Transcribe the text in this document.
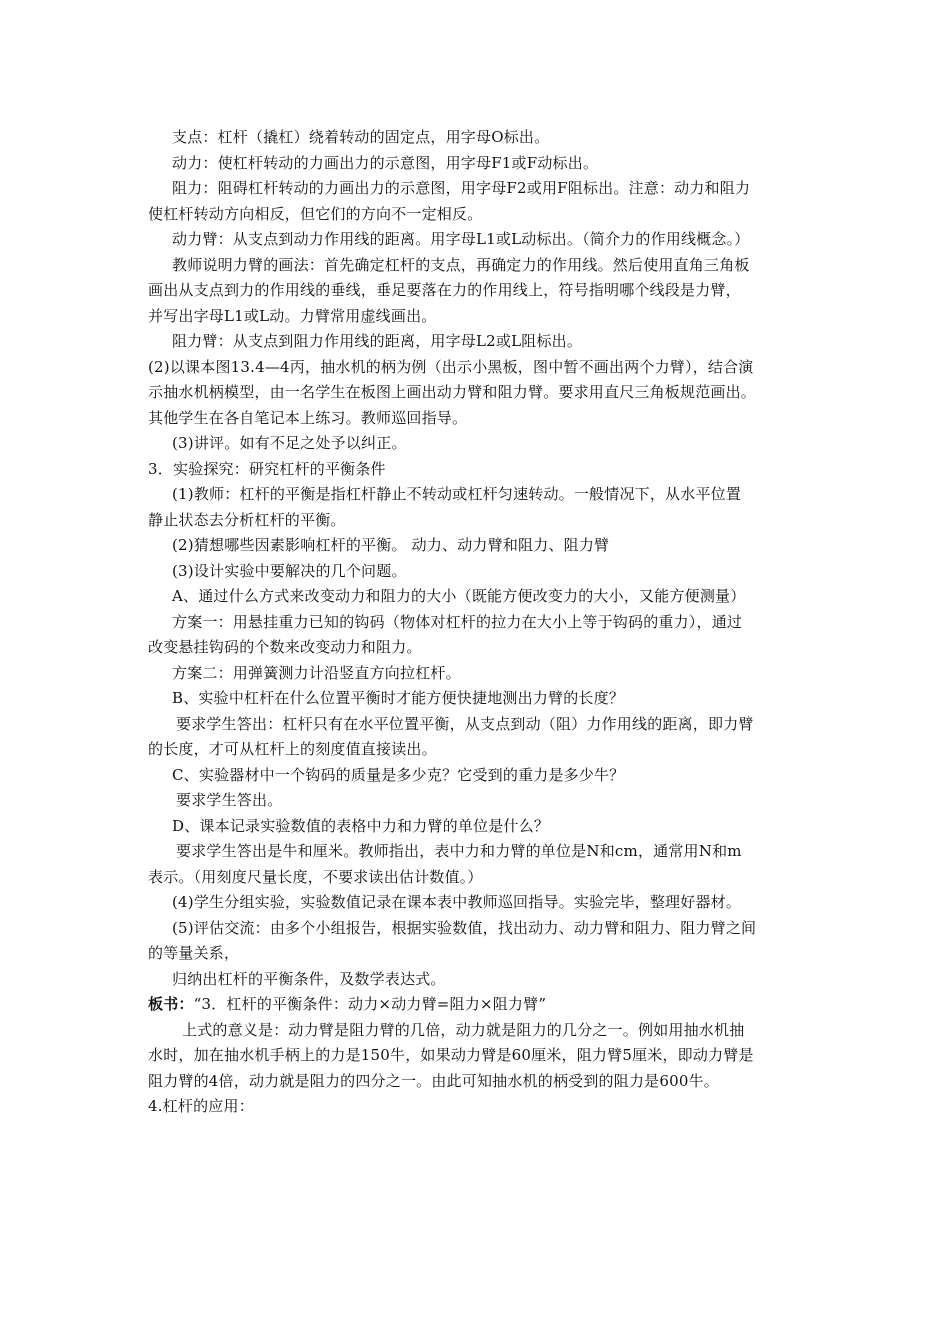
支点：杠杆（撬杠）绕着转动的固定点，用字母O标出。
动力：使杠杆转动的力画出力的示意图，用字母F1或F动标出。
阻力：阻碍杠杆转动的力画出力的示意图，用字母F2或用F阻标出。注意：动力和阻力
使杠杆转动方向相反，但它们的方向不一定相反。
动力臂：从支点到动力作用线的距离。用字母L1或L动标出。（简介力的作用线概念。）
教师说明力臂的画法：首先确定杠杆的支点，再确定力的作用线。然后使用直角三角板
画出从支点到力的作用线的垂线，垂足要落在力的作用线上，符号指明哪个线段是力臂，
并写出字母L1或L动。力臂常用虚线画出。
阻力臂：从支点到阻力作用线的距离，用字母L2或L阻标出。
(2)以课本图13.4—4丙，抽水机的柄为例（出示小黑板，图中暂不画出两个力臂），结合演
示抽水机柄模型，由一名学生在板图上画出动力臂和阻力臂。要求用直尺三角板规范画出。
其他学生在各自笔记本上练习。教师巡回指导。
(3)讲评。如有不足之处予以纠正。
3．实验探究：研究杠杆的平衡条件
(1)教师：杠杆的平衡是指杠杆静止不转动或杠杆匀速转动。一般情况下，从水平位置
静止状态去分析杠杆的平衡。
(2)猜想哪些因素影响杠杆的平衡。 动力、动力臂和阻力、阻力臂
(3)设计实验中要解决的几个问题。
A、通过什么方式来改变动力和阻力的大小（既能方便改变力的大小，又能方便测量）
方案一：用悬挂重力已知的钩码（物体对杠杆的拉力在大小上等于钩码的重力），通过
改变悬挂钩码的个数来改变动力和阻力。
方案二：用弹簧测力计沿竖直方向拉杠杆。
B、实验中杠杆在什么位置平衡时才能方便快捷地测出力臂的长度？
要求学生答出：杠杆只有在水平位置平衡，从支点到动（阻）力作用线的距离，即力臂
的长度，才可从杠杆上的刻度值直接读出。
C、实验器材中一个钩码的质量是多少克？它受到的重力是多少牛？
要求学生答出。
D、课本记录实验数值的表格中力和力臂的单位是什么？
要求学生答出是牛和厘米。教师指出，表中力和力臂的单位是N和cm，通常用N和m
表示。（用刻度尺量长度，不要求读出估计数值。）
(4)学生分组实验，实验数值记录在课本表中教师巡回指导。实验完毕，整理好器材。
(5)评估交流：由多个小组报告，根据实验数值，找出动力、动力臂和阻力、阻力臂之间
的等量关系，
归纳出杠杆的平衡条件，及数学表达式。
板书：“3．杠杆的平衡条件：动力×动力臂=阻力×阻力臂”
上式的意义是：动力臂是阻力臂的几倍，动力就是阻力的几分之一。例如用抽水机抽
水时，加在抽水机手柄上的力是150牛，如果动力臂是60厘米，阻力臂5厘米，即动力臂是
阻力臂的4倍，动力就是阻力的四分之一。由此可知抽水机的柄受到的阻力是600牛。
4.杠杆的应用：
